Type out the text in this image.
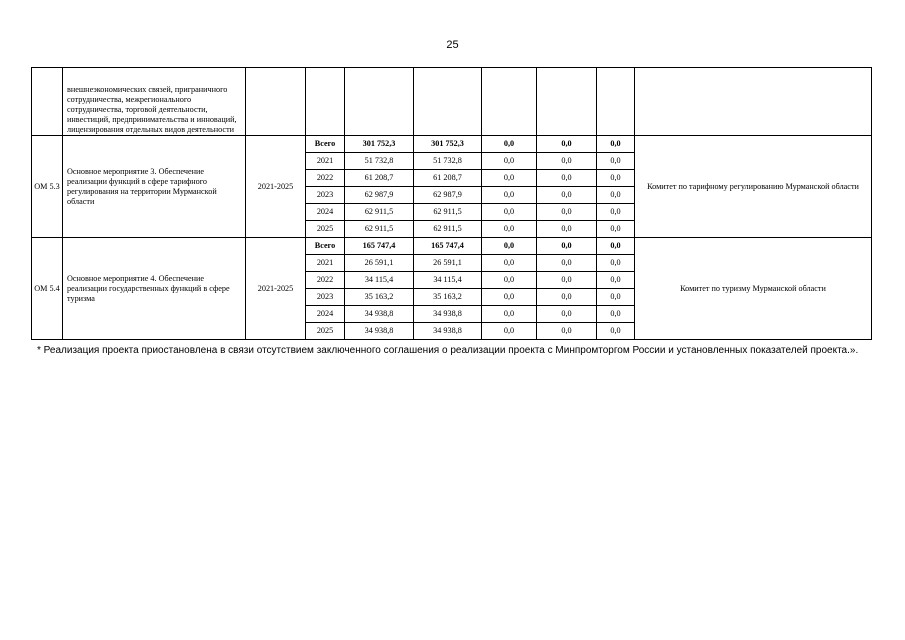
25
	внешнеэкономических связей, приграничного сотрудничества, межрегионального сотрудничества, торговой деятельности, инвестиций, предпринимательства и инноваций, лицензирования отдельных видов деятельности								
ОМ 5.3	Основное мероприятие 3. Обеспечение реализации функций в сфере тарифного регулирования на территории Мурманской области	2021-2025	Всего	301 752,3	301 752,3	0,0	0,0	0,0	Комитет по тарифному регулированию Мурманской области
			2021	51 732,8	51 732,8	0,0	0,0	0,0	
			2022	61 208,7	61 208,7	0,0	0,0	0,0	
			2023	62 987,9	62 987,9	0,0	0,0	0,0	
			2024	62 911,5	62 911,5	0,0	0,0	0,0	
			2025	62 911,5	62 911,5	0,0	0,0	0,0	
ОМ 5.4	Основное мероприятие 4. Обеспечение реализации государственных функций в сфере туризма	2021-2025	Всего	165 747,4	165 747,4	0,0	0,0	0,0	Комитет по туризму Мурманской области
			2021	26 591,1	26 591,1	0,0	0,0	0,0	
			2022	34 115,4	34 115,4	0,0	0,0	0,0	
			2023	35 163,2	35 163,2	0,0	0,0	0,0	
			2024	34 938,8	34 938,8	0,0	0,0	0,0	
			2025	34 938,8	34 938,8	0,0	0,0	0,0	
* Реализация проекта приостановлена в связи отсутствием заключенного соглашения о реализации проекта с Минпромторгом России и установленных показателей проекта.».
